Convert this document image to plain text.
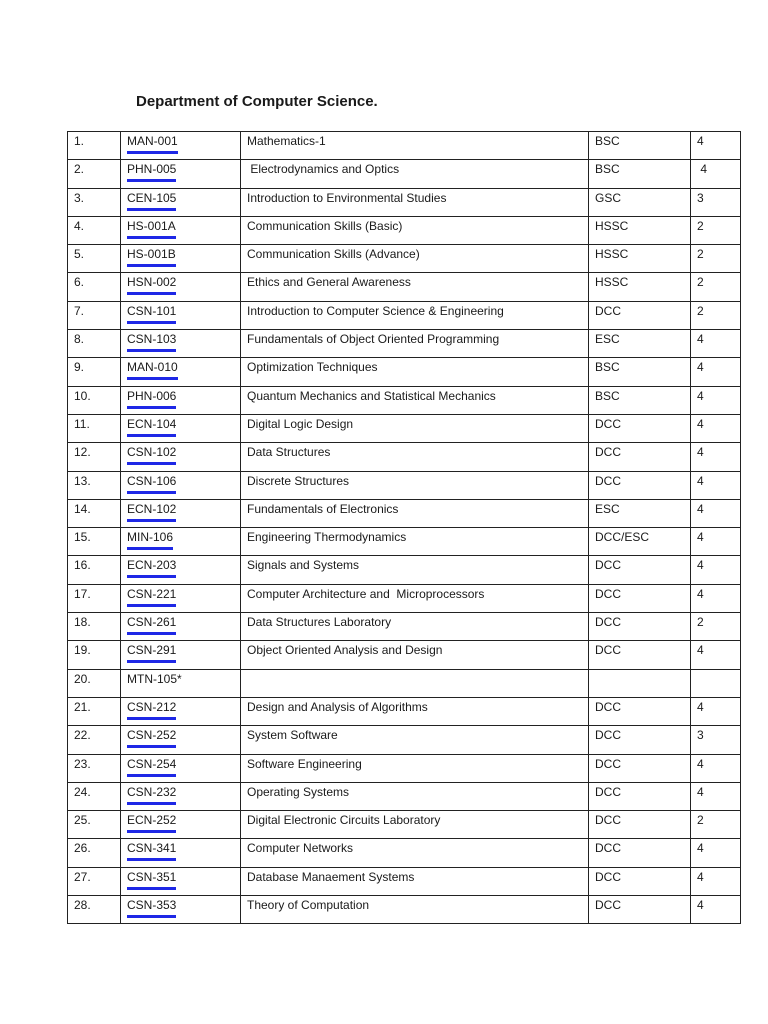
Department of Computer Science.
1.	MAN-001	Mathematics-1	BSC	4
2.	PHN-005	Electrodynamics and Optics	BSC	4
3.	CEN-105	Introduction to Environmental Studies	GSC	3
4.	HS-001A	Communication Skills (Basic)	HSSC	2
5.	HS-001B	Communication Skills (Advance)	HSSC	2
6.	HSN-002	Ethics and General Awareness	HSSC	2
7.	CSN-101	Introduction to Computer Science & Engineering	DCC	2
8.	CSN-103	Fundamentals of Object Oriented Programming	ESC	4
9.	MAN-010	Optimization Techniques	BSC	4
10.	PHN-006	Quantum Mechanics and Statistical Mechanics	BSC	4
11.	ECN-104	Digital Logic Design	DCC	4
12.	CSN-102	Data Structures	DCC	4
13.	CSN-106	Discrete Structures	DCC	4
14.	ECN-102	Fundamentals of Electronics	ESC	4
15.	MIN-106	Engineering Thermodynamics	DCC/ESC	4
16.	ECN-203	Signals and Systems	DCC	4
17.	CSN-221	Computer Architecture and  Microprocessors	DCC	4
18.	CSN-261	Data Structures Laboratory	DCC	2
19.	CSN-291	Object Oriented Analysis and Design	DCC	4
20.	MTN-105*			
21.	CSN-212	Design and Analysis of Algorithms	DCC	4
22.	CSN-252	System Software	DCC	3
23.	CSN-254	Software Engineering	DCC	4
24.	CSN-232	Operating Systems	DCC	4
25.	ECN-252	Digital Electronic Circuits Laboratory	DCC	2
26.	CSN-341	Computer Networks	DCC	4
27.	CSN-351	Database Manaement Systems	DCC	4
28.	CSN-353	Theory of Computation	DCC	4
